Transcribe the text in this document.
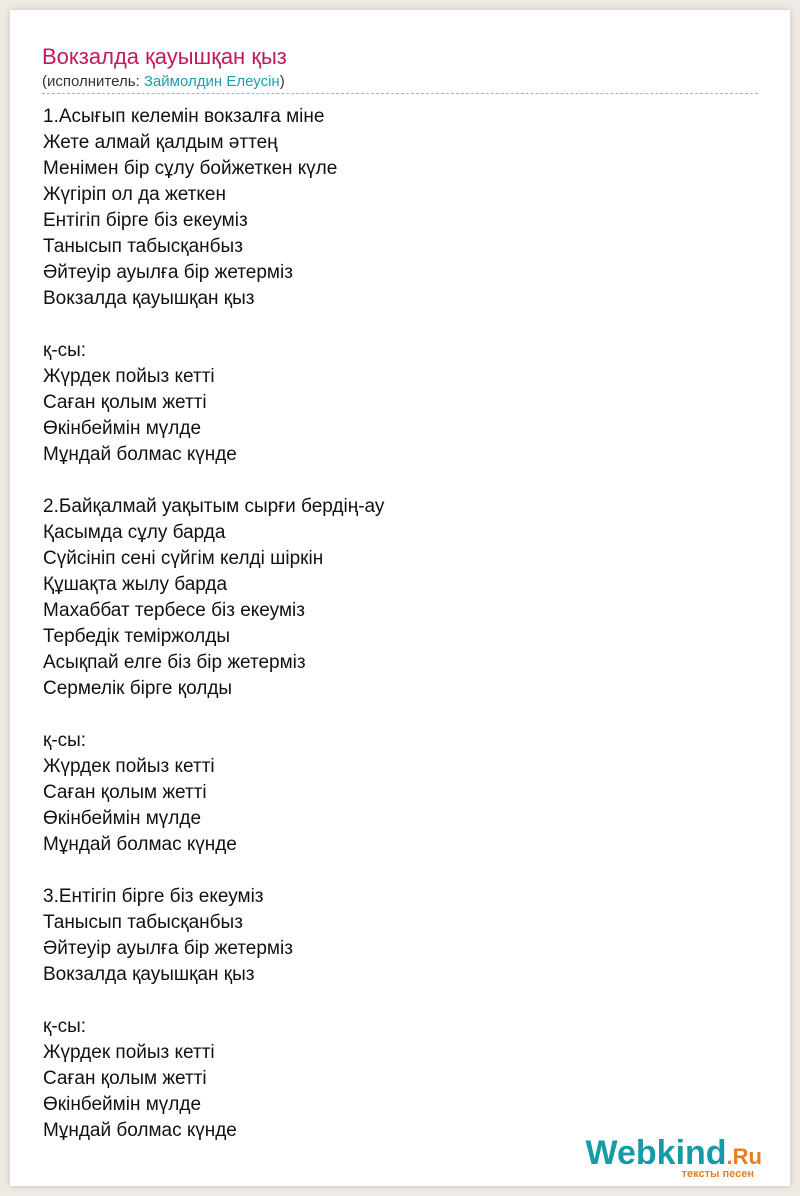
Вокзалда қауышқан қыз
(исполнитель: Займолдин Елеусін)
1.Асығып келемін вокзалға міне
Жете алмай қалдым әттең
Менімен бір сұлу бойжеткен күле
Жүгіріп ол да жеткен
Ентігіп бірге біз екеуміз
Танысып табысқанбыз
Әйтеуір ауылға бір жетерміз
Вокзалда қауышқан қыз
қ-сы:
Жүрдек пойыз кетті
Саған қолым жетті
Өкінбеймін мүлде
Мұндай болмас күнде
2.Байқалмай уақытым сырғи бердің-ау
Қасымда сұлу барда
Сүйсініп сені сүйгім келді шіркін
Құшақта жылу барда
Махаббат тербесе біз екеуміз
Тербедік теміржолды
Асықпай елге біз бір жетерміз
Сермелік бірге қолды
қ-сы:
Жүрдек пойыз кетті
Саған қолым жетті
Өкінбеймін мүлде
Мұндай болмас күнде
3.Ентігіп бірге біз екеуміз
Танысып табысқанбыз
Әйтеуір ауылға бір жетерміз
Вокзалда қауышқан қыз
қ-сы:
Жүрдек пойыз кетті
Саған қолым жетті
Өкінбеймін мүлде
Мұндай болмас күнде
Webkind.Ru
тексты песен
